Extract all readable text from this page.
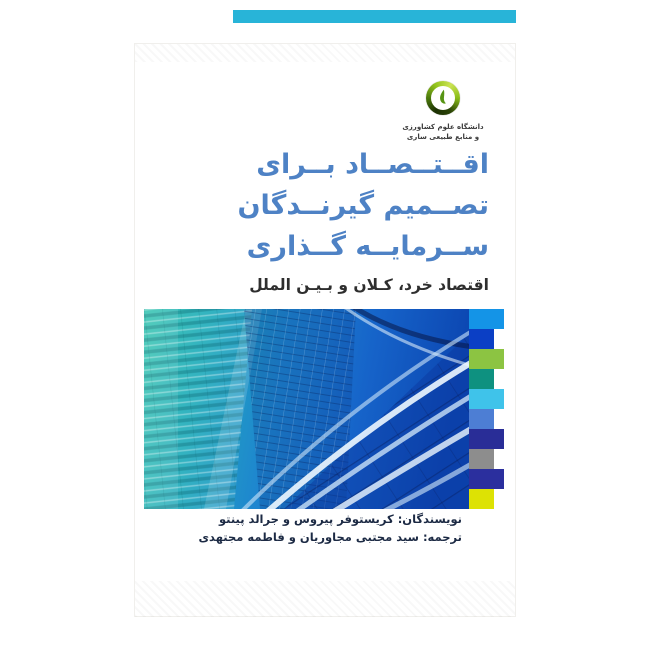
دانشگاه علوم کشاورزی
و منابع طبیعی ساری
اقــتــصــاد بــرای
تصــمیم گیرنــدگان
ســرمایــه گــذاری
اقتصاد خرد، کـلان و بـیـن الملل
نویسندگان: کریستوفر پیروس و جرالد پینتو
ترجمه: سید مجتبی مجاوریان و فاطمه مجتهدی
